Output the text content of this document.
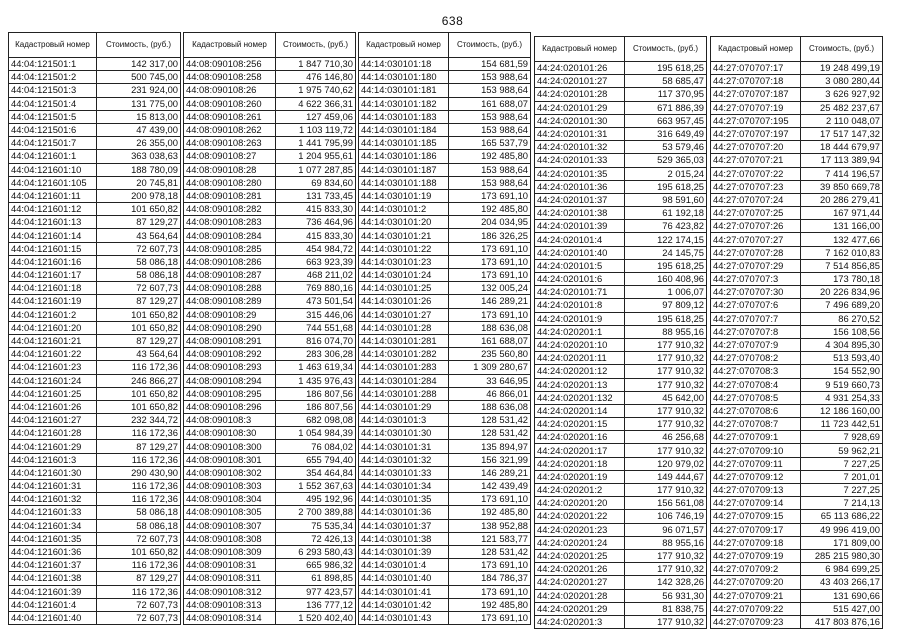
638
Кадастровый номер	Стоимость, (руб.)
44:04:121501:1	142 317,00
44:04:121501:2	500 745,00
44:04:121501:3	231 924,00
44:04:121501:4	131 775,00
44:04:121501:5	15 813,00
44:04:121501:6	47 439,00
44:04:121501:7	26 355,00
44:04:121601:1	363 038,63
44:04:121601:10	188 780,09
44:04:121601:105	20 745,81
44:04:121601:11	200 978,18
44:04:121601:12	101 650,82
44:04:121601:13	87 129,27
44:04:121601:14	43 564,64
44:04:121601:15	72 607,73
44:04:121601:16	58 086,18
44:04:121601:17	58 086,18
44:04:121601:18	72 607,73
44:04:121601:19	87 129,27
44:04:121601:2	101 650,82
44:04:121601:20	101 650,82
44:04:121601:21	87 129,27
44:04:121601:22	43 564,64
44:04:121601:23	116 172,36
44:04:121601:24	246 866,27
44:04:121601:25	101 650,82
44:04:121601:26	101 650,82
44:04:121601:27	232 344,72
44:04:121601:28	116 172,36
44:04:121601:29	87 129,27
44:04:121601:3	116 172,36
44:04:121601:30	290 430,90
44:04:121601:31	116 172,36
44:04:121601:32	116 172,36
44:04:121601:33	58 086,18
44:04:121601:34	58 086,18
44:04:121601:35	72 607,73
44:04:121601:36	101 650,82
44:04:121601:37	116 172,36
44:04:121601:38	87 129,27
44:04:121601:39	116 172,36
44:04:121601:4	72 607,73
44:04:121601:40	72 607,73
Кадастровый номер	Стоимость, (руб.)
44:08:090108:256	1 847 710,30
44:08:090108:258	476 146,80
44:08:090108:26	1 975 740,62
44:08:090108:260	4 622 366,31
44:08:090108:261	127 459,06
44:08:090108:262	1 103 119,72
44:08:090108:263	1 441 795,99
44:08:090108:27	1 204 955,61
44:08:090108:28	1 077 287,85
44:08:090108:280	69 834,60
44:08:090108:281	131 733,45
44:08:090108:282	415 833,30
44:08:090108:283	736 464,96
44:08:090108:284	415 833,30
44:08:090108:285	454 984,72
44:08:090108:286	663 923,39
44:08:090108:287	468 211,02
44:08:090108:288	769 880,16
44:08:090108:289	473 501,54
44:08:090108:29	315 446,06
44:08:090108:290	744 551,68
44:08:090108:291	816 074,70
44:08:090108:292	283 306,28
44:08:090108:293	1 463 619,34
44:08:090108:294	1 435 976,43
44:08:090108:295	186 807,56
44:08:090108:296	186 807,56
44:08:090108:3	682 098,08
44:08:090108:30	1 054 984,39
44:08:090108:300	76 084,02
44:08:090108:301	655 794,40
44:08:090108:302	354 464,84
44:08:090108:303	1 552 367,63
44:08:090108:304	495 192,96
44:08:090108:305	2 700 389,88
44:08:090108:307	75 535,34
44:08:090108:308	72 426,13
44:08:090108:309	6 293 580,43
44:08:090108:31	665 986,32
44:08:090108:311	61 898,85
44:08:090108:312	977 423,57
44:08:090108:313	136 777,12
44:08:090108:314	1 520 402,40
Кадастровый номер	Стоимость, (руб.)
44:14:030101:18	154 681,59
44:14:030101:180	153 988,64
44:14:030101:181	153 988,64
44:14:030101:182	161 688,07
44:14:030101:183	153 988,64
44:14:030101:184	153 988,64
44:14:030101:185	165 537,79
44:14:030101:186	192 485,80
44:14:030101:187	153 988,64
44:14:030101:188	153 988,64
44:14:030101:19	173 691,10
44:14:030101:2	192 485,80
44:14:030101:20	204 034,95
44:14:030101:21	186 326,25
44:14:030101:22	173 691,10
44:14:030101:23	173 691,10
44:14:030101:24	173 691,10
44:14:030101:25	132 005,24
44:14:030101:26	146 289,21
44:14:030101:27	173 691,10
44:14:030101:28	188 636,08
44:14:030101:281	161 688,07
44:14:030101:282	235 560,80
44:14:030101:283	1 309 280,67
44:14:030101:284	33 646,95
44:14:030101:288	46 866,01
44:14:030101:29	188 636,08
44:14:030101:3	128 531,42
44:14:030101:30	128 531,42
44:14:030101:31	135 894,97
44:14:030101:32	156 321,99
44:14:030101:33	146 289,21
44:14:030101:34	142 439,49
44:14:030101:35	173 691,10
44:14:030101:36	192 485,80
44:14:030101:37	138 952,88
44:14:030101:38	121 583,77
44:14:030101:39	128 531,42
44:14:030101:4	173 691,10
44:14:030101:40	184 786,37
44:14:030101:41	173 691,10
44:14:030101:42	192 485,80
44:14:030101:43	173 691,10
Кадастровый номер	Стоимость, (руб.)
44:24:020101:26	195 618,25
44:24:020101:27	58 685,47
44:24:020101:28	117 370,95
44:24:020101:29	671 886,39
44:24:020101:30	663 957,45
44:24:020101:31	316 649,49
44:24:020101:32	53 579,46
44:24:020101:33	529 365,03
44:24:020101:35	2 015,24
44:24:020101:36	195 618,25
44:24:020101:37	98 591,60
44:24:020101:38	61 192,18
44:24:020101:39	76 423,82
44:24:020101:4	122 174,15
44:24:020101:40	24 145,75
44:24:020101:5	195 618,25
44:24:020101:6	160 408,96
44:24:020101:71	1 006,07
44:24:020101:8	97 809,12
44:24:020101:9	195 618,25
44:24:020201:1	88 955,16
44:24:020201:10	177 910,32
44:24:020201:11	177 910,32
44:24:020201:12	177 910,32
44:24:020201:13	177 910,32
44:24:020201:132	45 642,00
44:24:020201:14	177 910,32
44:24:020201:15	177 910,32
44:24:020201:16	46 256,68
44:24:020201:17	177 910,32
44:24:020201:18	120 979,02
44:24:020201:19	149 444,67
44:24:020201:2	177 910,32
44:24:020201:20	156 561,08
44:24:020201:22	106 746,19
44:24:020201:23	96 071,57
44:24:020201:24	88 955,16
44:24:020201:25	177 910,32
44:24:020201:26	177 910,32
44:24:020201:27	142 328,26
44:24:020201:28	56 931,30
44:24:020201:29	81 838,75
44:24:020201:3	177 910,32
Кадастровый номер	Стоимость, (руб.)
44:27:070707:17	19 248 499,19
44:27:070707:18	3 080 280,44
44:27:070707:187	3 626 927,92
44:27:070707:19	25 482 237,67
44:27:070707:195	2 110 048,07
44:27:070707:197	17 517 147,32
44:27:070707:20	18 444 679,97
44:27:070707:21	17 113 389,94
44:27:070707:22	7 414 196,57
44:27:070707:23	39 850 669,78
44:27:070707:24	20 286 279,41
44:27:070707:25	167 971,44
44:27:070707:26	131 166,00
44:27:070707:27	132 477,66
44:27:070707:28	7 162 010,83
44:27:070707:29	7 514 856,85
44:27:070707:3	173 780,18
44:27:070707:30	20 226 834,96
44:27:070707:6	7 496 689,20
44:27:070707:7	86 270,52
44:27:070707:8	156 108,56
44:27:070707:9	4 304 895,30
44:27:070708:2	513 593,40
44:27:070708:3	154 552,90
44:27:070708:4	9 519 660,73
44:27:070708:5	4 931 254,33
44:27:070708:6	12 186 160,00
44:27:070708:7	11 723 442,51
44:27:070709:1	7 928,69
44:27:070709:10	59 962,21
44:27:070709:11	7 227,25
44:27:070709:12	7 201,01
44:27:070709:13	7 227,25
44:27:070709:14	7 214,13
44:27:070709:15	65 113 686,22
44:27:070709:17	49 996 419,00
44:27:070709:18	171 809,00
44:27:070709:19	285 215 980,30
44:27:070709:2	6 984 699,25
44:27:070709:20	43 403 266,17
44:27:070709:21	131 690,66
44:27:070709:22	515 427,00
44:27:070709:23	417 803 876,16
